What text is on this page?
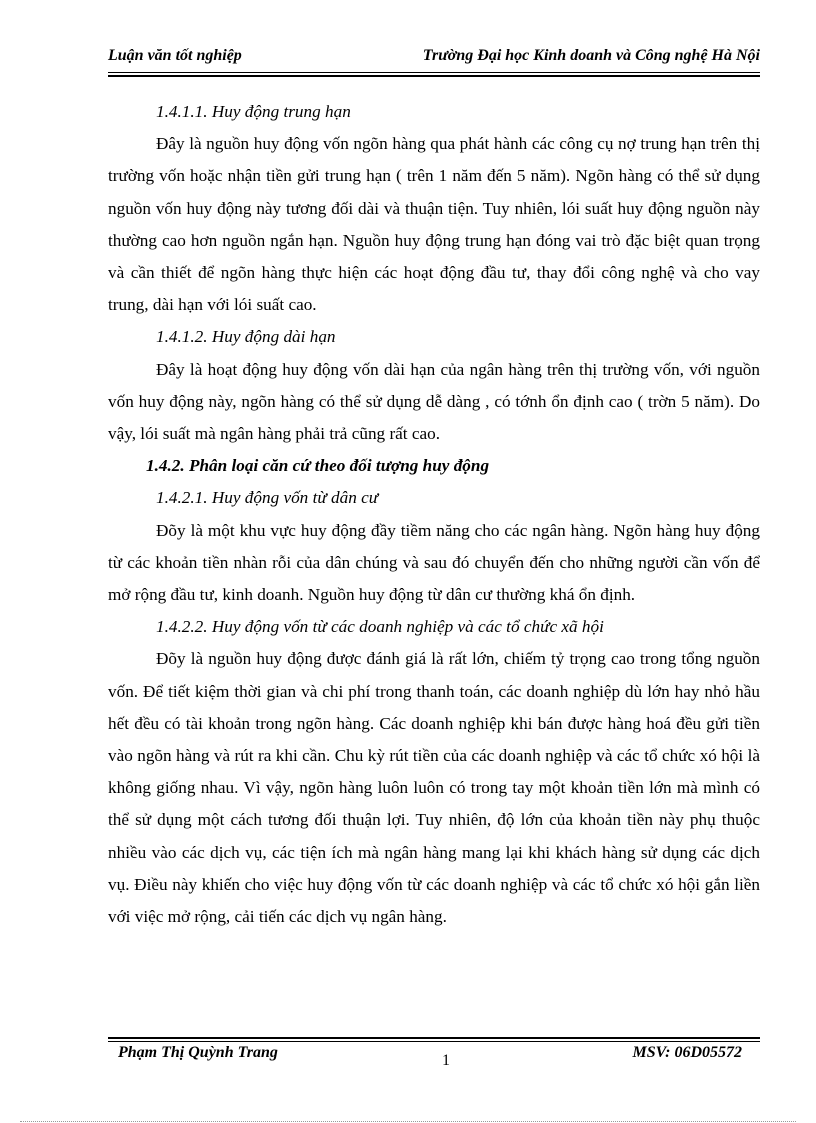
Luận văn tốt nghiệp	Trường Đại học Kinh doanh và Công nghệ Hà Nội

1.4.1.1. Huy động trung hạn

Đây là nguồn huy động vốn ngõn hàng qua phát hành các công cụ nợ trung hạn trên thị trường vốn hoặc nhận tiền gửi trung hạn ( trên 1 năm đến 5 năm). Ngõn hàng có thể sử dụng nguồn vốn huy động này tương đối dài và thuận tiện. Tuy nhiên, lói suất huy động nguồn này thường cao hơn nguồn ngắn hạn. Nguồn huy động trung hạn đóng vai trò đặc biệt quan trọng và cần thiết để ngõn hàng thực hiện các hoạt động đầu tư, thay đổi công nghệ và cho vay trung, dài hạn với lói suất cao.

1.4.1.2. Huy động dài hạn

Đây là hoạt động huy động vốn dài hạn của ngân hàng trên thị trường vốn, với nguồn vốn huy động này, ngõn hàng có thể sử dụng dễ dàng , có tớnh ổn định cao ( trờn 5 năm). Do vậy, lói suất mà ngân hàng phải trả cũng rất cao.

1.4.2. Phân loại căn cứ theo đối tượng huy động

1.4.2.1. Huy động vốn từ dân cư

Đõy là một khu vực huy động đầy tiềm năng cho các ngân hàng. Ngõn hàng huy động từ các khoản tiền nhàn rỗi của dân chúng và sau đó chuyển đến cho những người cần vốn để mở rộng đầu tư, kinh doanh. Nguồn huy động từ dân cư thường khá ổn định.

1.4.2.2. Huy động vốn từ các doanh nghiệp và các tổ chức xã hội

Đõy là nguồn huy động được đánh giá là rất lớn, chiếm tỷ trọng cao trong tổng nguồn vốn. Để tiết kiệm thời gian và chi phí trong thanh toán, các doanh nghiệp dù lớn hay nhỏ hầu hết đều có tài khoản trong ngõn hàng. Các doanh nghiệp khi bán được hàng hoá đều gửi tiền vào ngõn hàng và rút ra khi cần. Chu kỳ rút tiền của các doanh nghiệp và các tổ chức xó hội là không giống nhau. Vì vậy, ngõn hàng luôn luôn có trong tay một khoản tiền lớn mà mình có thể sử dụng một cách tương đối thuận lợi. Tuy nhiên, độ lớn của khoản tiền này phụ thuộc nhiều vào các dịch vụ, các tiện ích mà ngân hàng mang lại khi khách hàng sử dụng các dịch vụ. Điều này khiến cho việc huy động vốn từ các doanh nghiệp và các tổ chức xó hội gắn liền với việc mở rộng, cải tiến các dịch vụ ngân hàng.

Phạm Thị Quỳnh Trang	1	MSV: 06D05572
